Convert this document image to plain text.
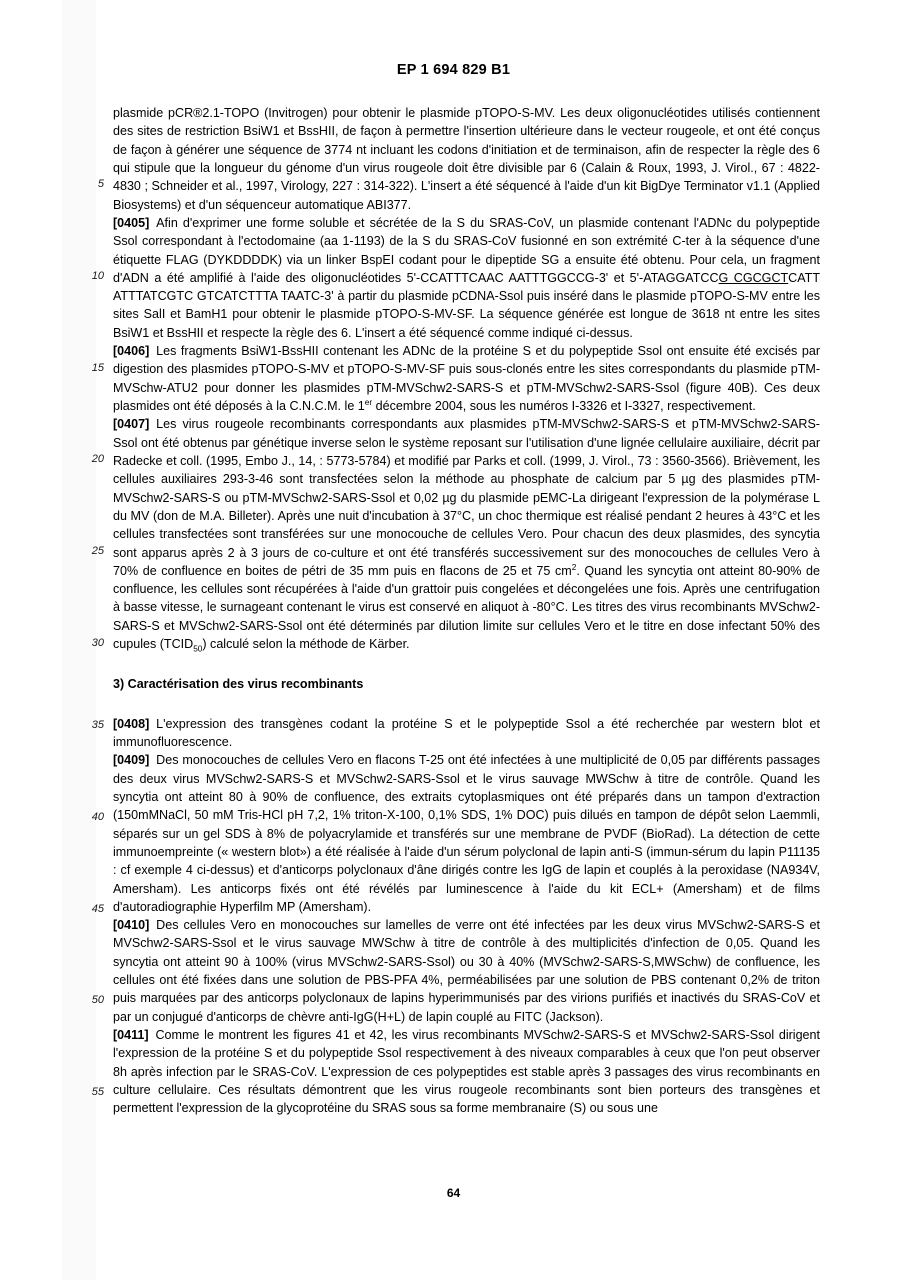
EP 1 694 829 B1
5
10
15
20
25
30
35
40
45
50
55

plasmide pCR®2.1-TOPO (Invitrogen) pour obtenir le plasmide pTOPO-S-MV. Les deux oligonucléotides utilisés contiennent des sites de restriction BsiW1 et BssHII, de façon à permettre l'insertion ultérieure dans le vecteur rougeole, et ont été conçus de façon à générer une séquence de 3774 nt incluant les codons d'initiation et de terminaison, afin de respecter la règle des 6 qui stipule que la longueur du génome d'un virus rougeole doit être divisible par 6 (Calain & Roux, 1993, J. Virol., 67 : 4822-4830 ; Schneider et al., 1997, Virology, 227 : 314-322). L'insert a été séquencé à l'aide d'un kit BigDye Terminator v1.1 (Applied Biosystems) et d'un séquenceur automatique ABI377.

[0405] Afin d'exprimer une forme soluble et sécrétée de la S du SRAS-CoV, un plasmide contenant l'ADNc du polypeptide Ssol correspondant à l'ectodomaine (aa 1-1193) de la S du SRAS-CoV fusionné en son extrémité C-ter à la séquence d'une étiquette FLAG (DYKDDDDK) via un linker BspEI codant pour le dipeptide SG a ensuite été obtenu. Pour cela, un fragment d'ADN a été amplifié à l'aide des oligonucléotides 5'-CCATTTCAAC AATTTGGCCG-3' et 5'-ATAGGATCCG CGCGCTCATT ATTTATCGTC GTCATCTTTA TAATC-3' à partir du plasmide pCDNA-Ssol puis inséré dans le plasmide pTOPO-S-MV entre les sites SalI et BamH1 pour obtenir le plasmide pTOPO-S-MV-SF. La séquence générée est longue de 3618 nt entre les sites BsiW1 et BssHII et respecte la règle des 6. L'insert a été séquencé comme indiqué ci-dessus.

[0406] Les fragments BsiW1-BssHII contenant les ADNc de la protéine S et du polypeptide Ssol ont ensuite été excisés par digestion des plasmides pTOPO-S-MV et pTOPO-S-MV-SF puis sous-clonés entre les sites correspondants du plasmide pTM-MVSchw-ATU2 pour donner les plasmides pTM-MVSchw2-SARS-S et pTM-MVSchw2-SARS-Ssol (figure 40B). Ces deux plasmides ont été déposés à la C.N.C.M. le 1er décembre 2004, sous les numéros I-3326 et I-3327, respectivement.

[0407] Les virus rougeole recombinants correspondants aux plasmides pTM-MVSchw2-SARS-S et pTM-MVSchw2-SARS-Ssol ont été obtenus par génétique inverse selon le système reposant sur l'utilisation d'une lignée cellulaire auxiliaire, décrit par Radecke et coll. (1995, Embo J., 14, : 5773-5784) et modifié par Parks et coll. (1999, J. Virol., 73 : 3560-3566). Brièvement, les cellules auxiliaires 293-3-46 sont transfectées selon la méthode au phosphate de calcium par 5 µg des plasmides pTM-MVSchw2-SARS-S ou pTM-MVSchw2-SARS-Ssol et 0,02 µg du plasmide pEMC-La dirigeant l'expression de la polymérase L du MV (don de M.A. Billeter). Après une nuit d'incubation à 37°C, un choc thermique est réalisé pendant 2 heures à 43°C et les cellules transfectées sont transférées sur une monocouche de cellules Vero. Pour chacun des deux plasmides, des syncytia sont apparus après 2 à 3 jours de co-culture et ont été transférés successivement sur des monocouches de cellules Vero à 70% de confluence en boites de pétri de 35 mm puis en flacons de 25 et 75 $cm^2$. Quand les syncytia ont atteint 80-90% de confluence, les cellules sont récupérées à l'aide d'un grattoir puis congelées et décongelées une fois. Après une centrifugation à basse vitesse, le surnageant contenant le virus est conservé en aliquot à -80°C. Les titres des virus recombinants MVSchw2-SARS-S et MVSchw2-SARS-Ssol ont été déterminés par dilution limite sur cellules Vero et le titre en dose infectant 50% des cupules $(TCID_{50})$ calculé selon la méthode de Kärber.

3) Caractérisation des virus recombinants

[0408] L'expression des transgènes codant la protéine S et le polypeptide Ssol a été recherchée par western blot et immunofluorescence.

[0409] Des monocouches de cellules Vero en flacons T-25 ont été infectées à une multiplicité de 0,05 par différents passages des deux virus MVSchw2-SARS-S et MVSchw2-SARS-Ssol et le virus sauvage MWSchw à titre de contrôle. Quand les syncytia ont atteint 80 à 90% de confluence, des extraits cytoplasmiques ont été préparés dans un tampon d'extraction (150mMNaCl, 50 mM Tris-HCl pH 7,2, 1% triton-X-100, 0,1% SDS, 1% DOC) puis dilués en tampon de dépôt selon Laemmli, séparés sur un gel SDS à 8% de polyacrylamide et transférés sur une membrane de PVDF (BioRad). La détection de cette immunoempreinte (« western blot») a été réalisée à l'aide d'un sérum polyclonal de lapin anti-S (immun-sérum du lapin P11135 : cf exemple 4 ci-dessus) et d'anticorps polyclonaux d'âne dirigés contre les IgG de lapin et couplés à la peroxidase (NA934V, Amersham). Les anticorps fixés ont été révélés par luminescence à l'aide du kit ECL+ (Amersham) et de films d'autoradiographie Hyperfilm MP (Amersham).

[0410] Des cellules Vero en monocouches sur lamelles de verre ont été infectées par les deux virus MVSchw2-SARS-S et MVSchw2-SARS-Ssol et le virus sauvage MWSchw à titre de contrôle à des multiplicités d'infection de 0,05. Quand les syncytia ont atteint 90 à 100% (virus MVSchw2-SARS-Ssol) ou 30 à 40% (MVSchw2-SARS-S,MWSchw) de confluence, les cellules ont été fixées dans une solution de PBS-PFA 4%, perméabilisées par une solution de PBS contenant 0,2% de triton puis marquées par des anticorps polyclonaux de lapins hyperimmunisés par des virions purifiés et inactivés du SRAS-CoV et par un conjugué d'anticorps de chèvre anti-IgG(H+L) de lapin couplé au FITC (Jackson).

[0411] Comme le montrent les figures 41 et 42, les virus recombinants MVSchw2-SARS-S et MVSchw2-SARS-Ssol dirigent l'expression de la protéine S et du polypeptide Ssol respectivement à des niveaux comparables à ceux que l'on peut observer 8h après infection par le SRAS-CoV. L'expression de ces polypeptides est stable après 3 passages des virus recombinants en culture cellulaire. Ces résultats démontrent que les virus rougeole recombinants sont bien porteurs des transgènes et permettent l'expression de la glycoprotéine du SRAS sous sa forme membranaire (S) ou sous une

64
